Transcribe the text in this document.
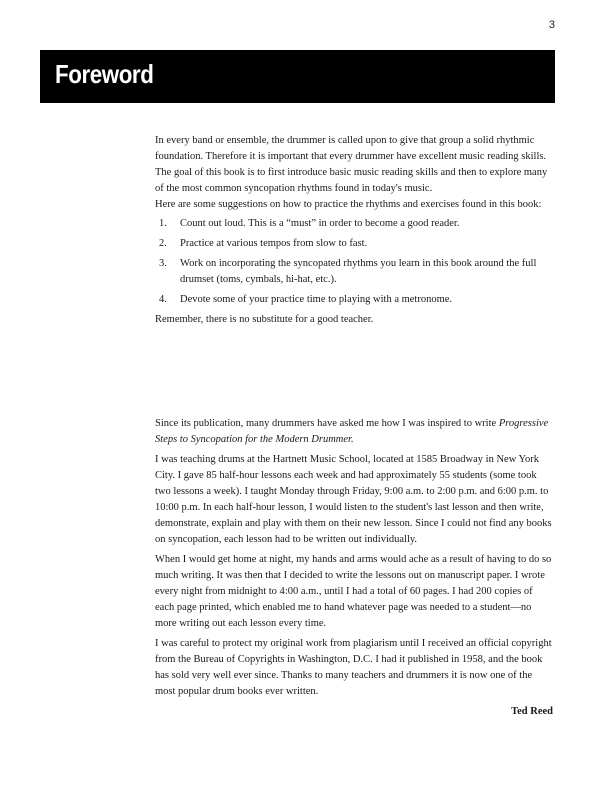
3
Foreword

In every band or ensemble, the drummer is called upon to give that group a solid rhythmic foundation. Therefore it is important that every drummer have excellent music reading skills. The goal of this book is to first introduce basic music reading skills and then to explore many of the most common syncopation rhythms found in today's music.

Here are some suggestions on how to practice the rhythms and exercises found in this book:

1.	Count out loud. This is a “must” in order to become a good reader.
2.	Practice at various tempos from slow to fast.
3.	Work on incorporating the syncopated rhythms you learn in this book around the full drumset (toms, cymbals, hi-hat, etc.).
4.	Devote some of your practice time to playing with a metronome.

Remember, there is no substitute for a good teacher.

Since its publication, many drummers have asked me how I was inspired to write Progressive Steps to Syncopation for the Modern Drummer.

I was teaching drums at the Hartnett Music School, located at 1585 Broadway in New York City. I gave 85 half-hour lessons each week and had approximately 55 students (some took two lessons a week). I taught Monday through Friday, 9:00 a.m. to 2:00 p.m. and 6:00 p.m. to 10:00 p.m. In each half-hour lesson, I would listen to the student's last lesson and then write, demonstrate, explain and play with them on their new lesson. Since I could not find any books on syncopation, each lesson had to be written out individually.

When I would get home at night, my hands and arms would ache as a result of having to do so much writing. It was then that I decided to write the lessons out on manuscript paper. I wrote every night from midnight to 4:00 a.m., until I had a total of 60 pages. I had 200 copies of each page printed, which enabled me to hand whatever page was needed to a student—no more writing out each lesson every time.

I was careful to protect my original work from plagiarism until I received an official copyright from the Bureau of Copyrights in Washington, D.C. I had it published in 1958, and the book has sold very well ever since. Thanks to many teachers and drummers it is now one of the most popular drum books ever written.

Ted Reed
